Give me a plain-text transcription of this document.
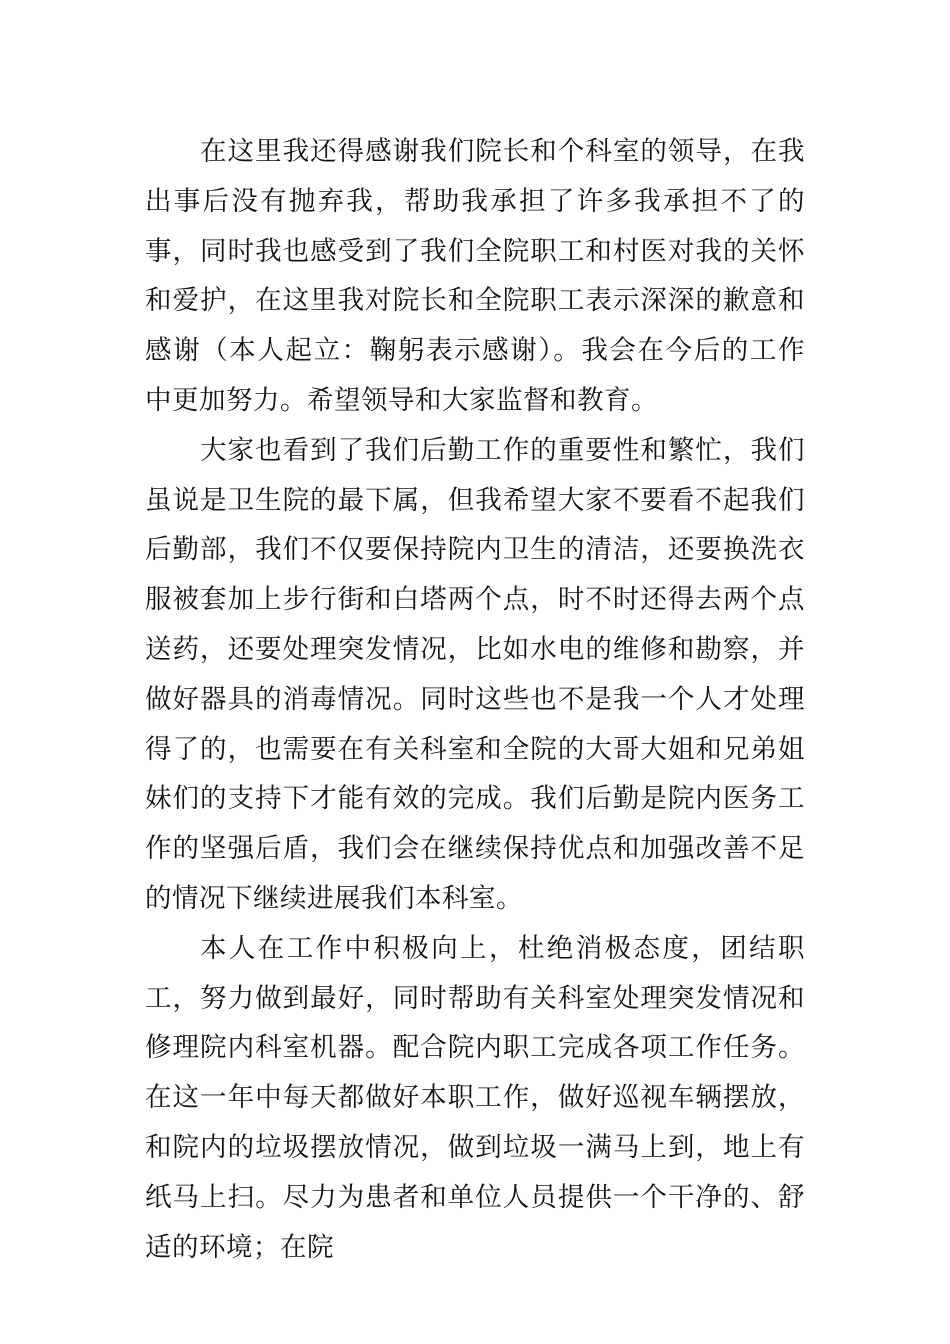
在这里我还得感谢我们院长和个科室的领导，在我出事后没有抛弃我，帮助我承担了许多我承担不了的事，同时我也感受到了我们全院职工和村医对我的关怀和爱护，在这里我对院长和全院职工表示深深的歉意和感谢（本人起立：鞠躬表示感谢）。我会在今后的工作中更加努力。希望领导和大家监督和教育。

大家也看到了我们后勤工作的重要性和繁忙，我们虽说是卫生院的最下属，但我希望大家不要看不起我们后勤部，我们不仅要保持院内卫生的清洁，还要换洗衣服被套加上步行街和白塔两个点，时不时还得去两个点送药，还要处理突发情况，比如水电的维修和勘察，并做好器具的消毒情况。同时这些也不是我一个人才处理得了的，也需要在有关科室和全院的大哥大姐和兄弟姐妹们的支持下才能有效的完成。我们后勤是院内医务工作的坚强后盾，我们会在继续保持优点和加强改善不足的情况下继续进展我们本科室。

本人在工作中积极向上，杜绝消极态度，团结职工，努力做到最好，同时帮助有关科室处理突发情况和修理院内科室机器。配合院内职工完成各项工作任务。在这一年中每天都做好本职工作，做好巡视车辆摆放，和院内的垃圾摆放情况，做到垃圾一满马上到，地上有纸马上扫。尽力为患者和单位人员提供一个干净的、舒适的环境；在院
